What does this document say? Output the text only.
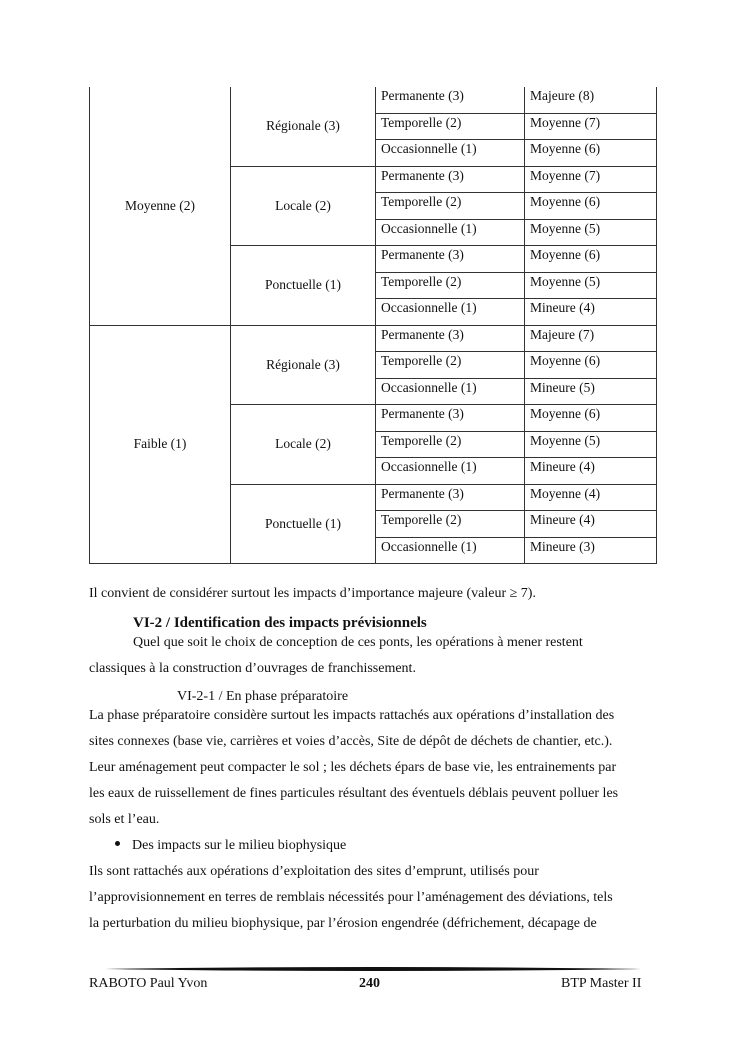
Moyenne (2)	Régionale (3)	Permanente (3)	Majeure (8)
		Temporelle (2)	Moyenne (7)
		Occasionnelle (1)	Moyenne (6)
	Locale (2)	Permanente (3)	Moyenne (7)
		Temporelle (2)	Moyenne (6)
		Occasionnelle (1)	Moyenne (5)
	Ponctuelle (1)	Permanente (3)	Moyenne (6)
		Temporelle (2)	Moyenne (5)
		Occasionnelle (1)	Mineure (4)
Faible (1)	Régionale (3)	Permanente (3)	Majeure (7)
		Temporelle (2)	Moyenne (6)
		Occasionnelle (1)	Mineure (5)
	Locale (2)	Permanente (3)	Moyenne (6)
		Temporelle (2)	Moyenne (5)
		Occasionnelle (1)	Mineure (4)
	Ponctuelle (1)	Permanente (3)	Moyenne (4)
		Temporelle (2)	Mineure (4)
		Occasionnelle (1)	Mineure (3)
Il convient de considérer surtout les impacts d’importance majeure (valeur ≥ 7).
VI-2 / Identification des impacts prévisionnels
Quel que soit le choix de conception de ces ponts, les opérations à mener restent
classiques à la construction d’ouvrages de franchissement.
VI-2-1 / En phase préparatoire
La phase préparatoire considère surtout les impacts rattachés aux opérations d’installation des
sites connexes (base vie, carrières et voies d’accès, Site de dépôt de déchets de chantier, etc.).
Leur aménagement peut compacter le sol ; les déchets épars de base vie, les entrainements par
les eaux de ruissellement de fines particules résultant des éventuels déblais peuvent polluer les
sols et l’eau.
Des impacts sur le milieu biophysique
Ils sont rattachés aux opérations d’exploitation des sites d’emprunt, utilisés pour
l’approvisionnement en terres de remblais nécessités pour l’aménagement des déviations, tels
la perturbation du milieu biophysique, par l’érosion engendrée (défrichement, décapage de
RABOTO Paul Yvon	240	BTP Master II
